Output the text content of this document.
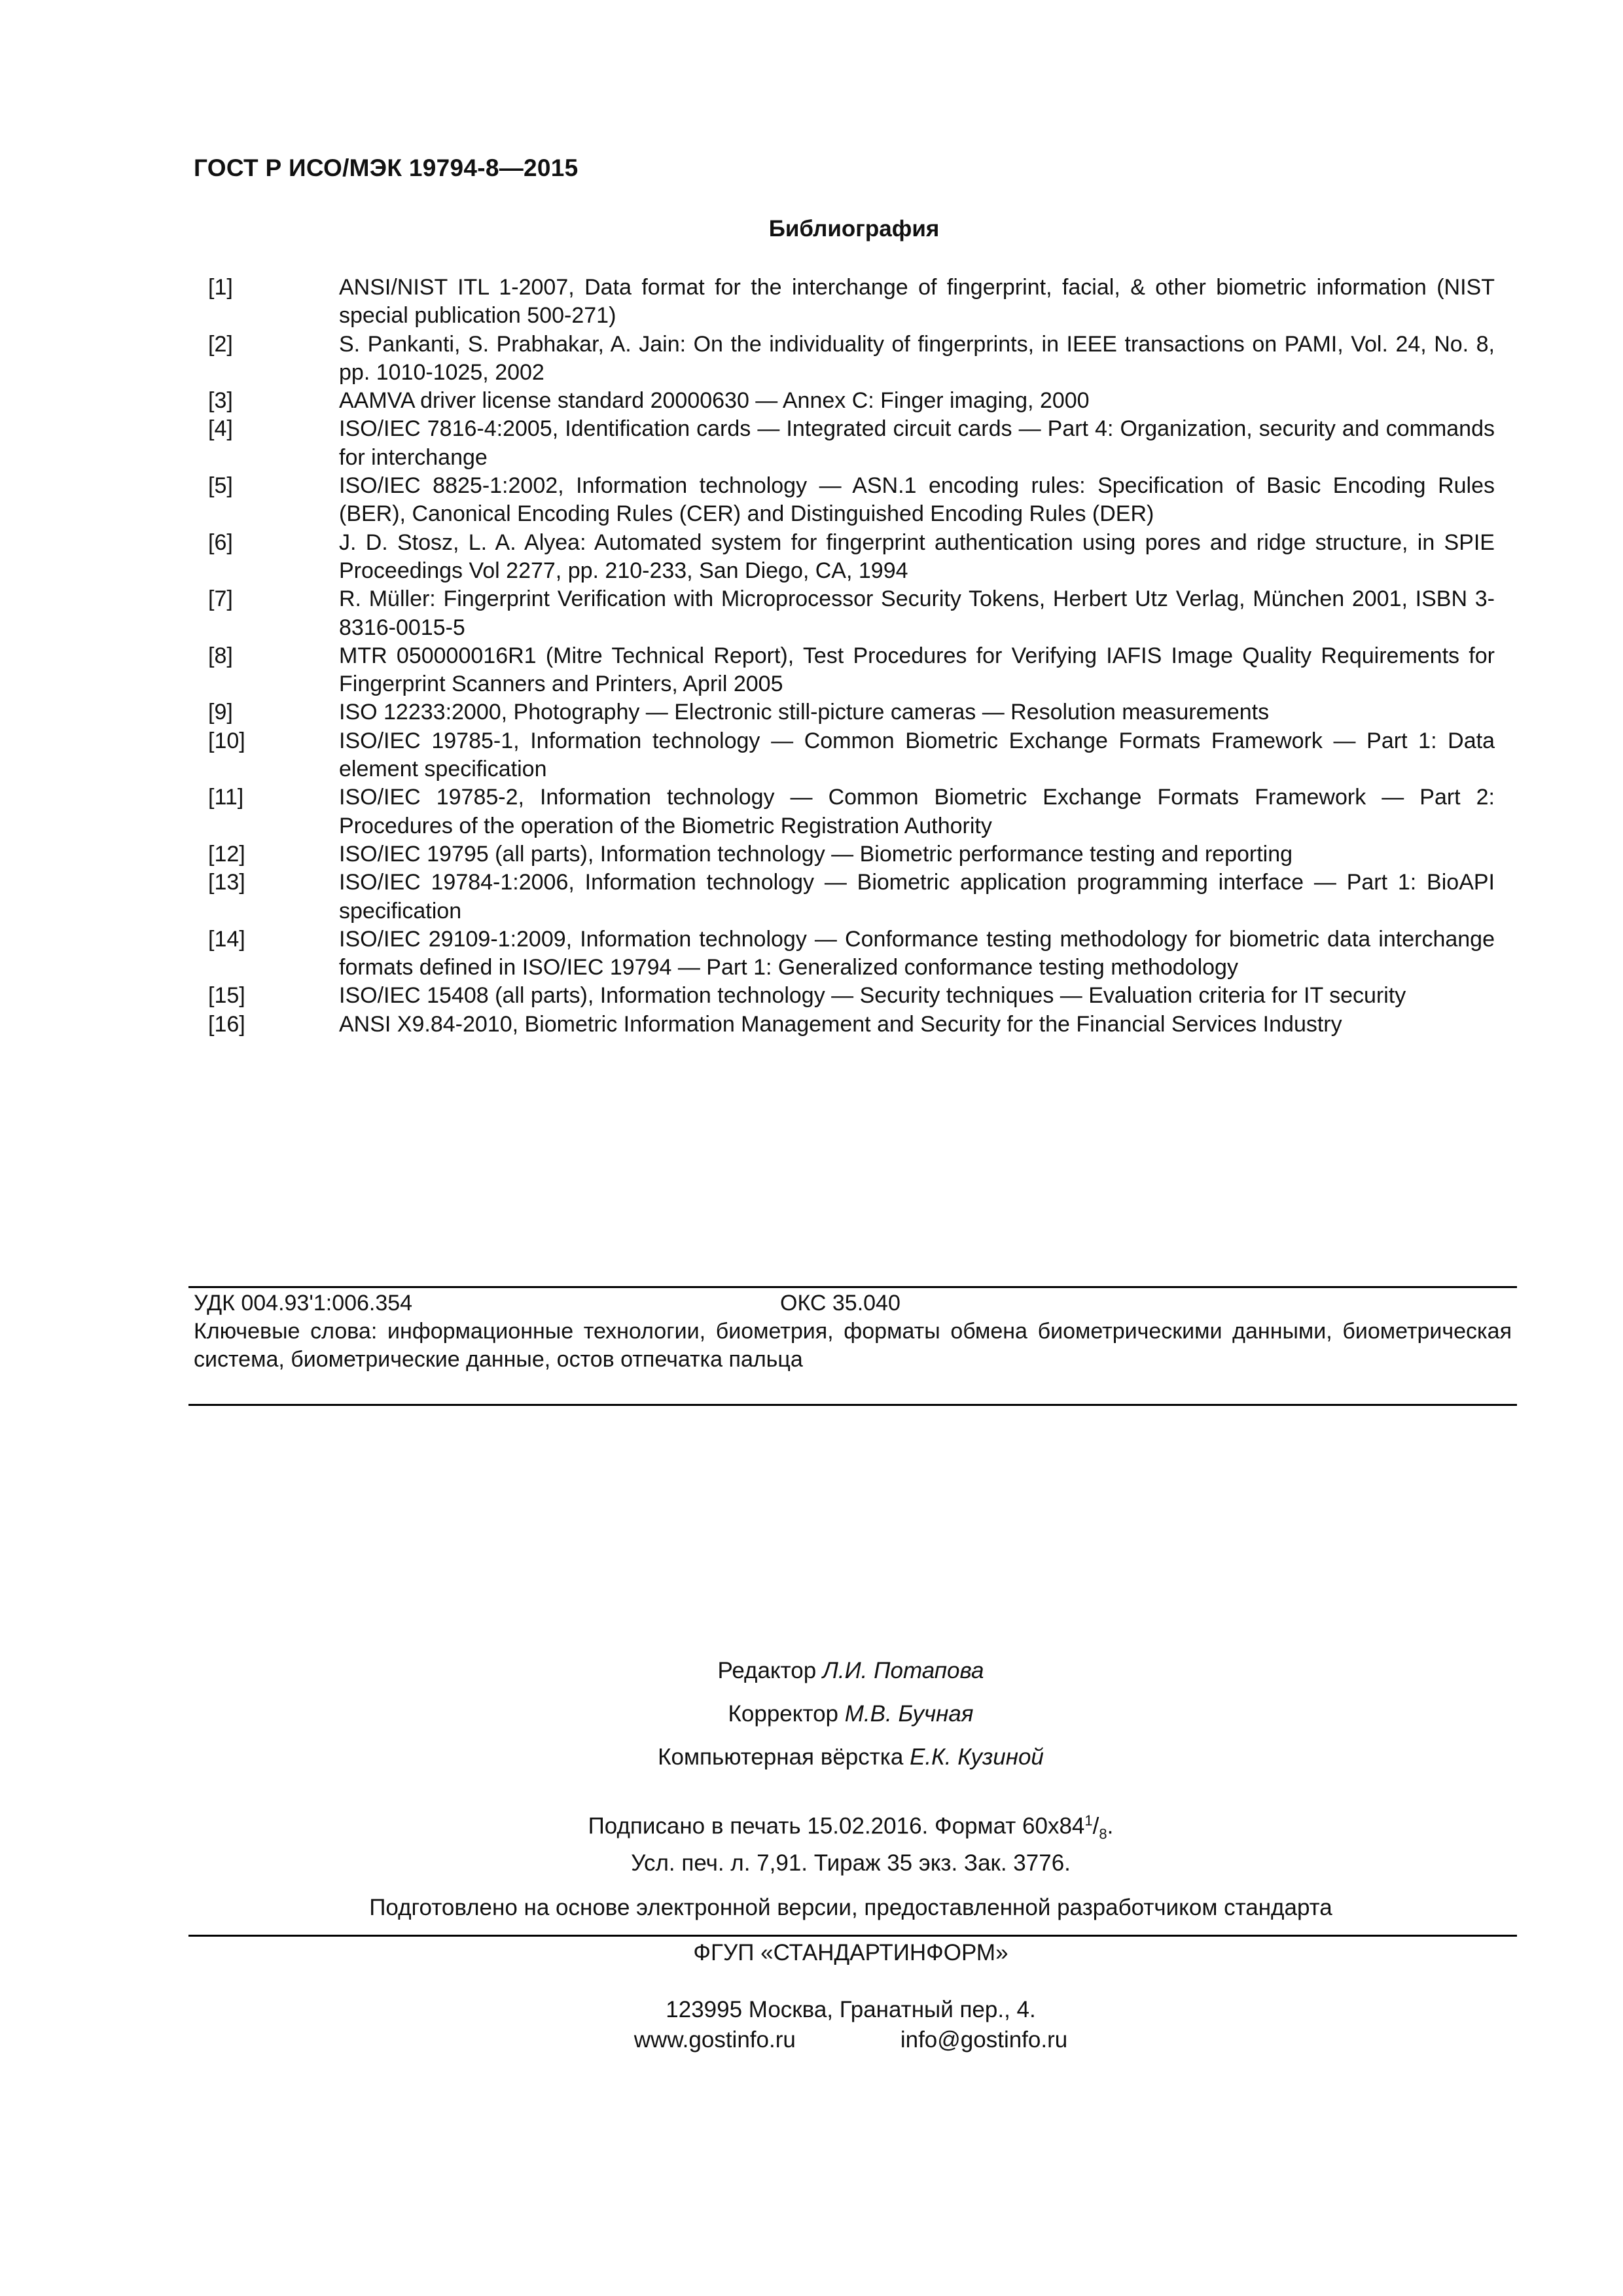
ГОСТ Р ИСО/МЭК 19794-8—2015
Библиография
[1]	ANSI/NIST ITL 1-2007, Data format for the interchange of fingerprint, facial, & other biometric information (NIST special publication 500-271)
[2]	S. Pankanti, S. Prabhakar, A. Jain: On the individuality of fingerprints, in IEEE transactions on PAMI, Vol. 24, No. 8, pp. 1010-1025, 2002
[3]	AAMVA driver license standard 20000630 — Annex C: Finger imaging, 2000
[4]	ISO/IEC 7816-4:2005, Identification cards — Integrated circuit cards — Part 4: Organization, security and commands for interchange
[5]	ISO/IEC 8825-1:2002, Information technology — ASN.1 encoding rules: Specification of Basic Encoding Rules (BER), Canonical Encoding Rules (CER) and Distinguished Encoding Rules (DER)
[6]	J. D. Stosz, L. A. Alyea: Automated system for fingerprint authentication using pores and ridge structure, in SPIE Proceedings Vol 2277, pp. 210-233, San Diego, CA, 1994
[7]	R. Müller: Fingerprint Verification with Microprocessor Security Tokens, Herbert Utz Verlag, München 2001, ISBN 3-8316-0015-5
[8]	MTR 050000016R1 (Mitre Technical Report), Test Procedures for Verifying IAFIS Image Quality Requirements for Fingerprint Scanners and Printers, April 2005
[9]	ISO 12233:2000, Photography — Electronic still-picture cameras — Resolution measurements
[10]	ISO/IEC 19785-1, Information technology — Common Biometric Exchange Formats Framework — Part 1: Data element specification
[11]	ISO/IEC 19785-2, Information technology — Common Biometric Exchange Formats Framework — Part 2: Procedures of the operation of the Biometric Registration Authority
[12]	ISO/IEC 19795 (all parts), Information technology — Biometric performance testing and reporting
[13]	ISO/IEC 19784-1:2006, Information technology — Biometric application programming interface — Part 1: BioAPI specification
[14]	ISO/IEC 29109-1:2009, Information technology — Conformance testing methodology for biometric data interchange formats defined in ISO/IEC 19794 — Part 1: Generalized conformance testing methodology
[15]	ISO/IEC 15408 (all parts), Information technology — Security techniques — Evaluation criteria for IT security
[16]	ANSI X9.84-2010, Biometric Information Management and Security for the Financial Services Industry
УДК 004.93'1:006.354	ОКС 35.040
Ключевые слова: информационные технологии, биометрия, форматы обмена биометрическими данными, биометрическая система, биометрические данные, остов отпечатка пальца
Редактор Л.И. Потапова
Корректор М.В. Бучная
Компьютерная вёрстка Е.К. Кузиной
Подписано в печать 15.02.2016. Формат $60x84^1/_8$.
Усл. печ. л. 7,91. Тираж 35 экз. Зак. 3776.
Подготовлено на основе электронной версии, предоставленной разработчиком стандарта
ФГУП «СТАНДАРТИНФОРМ»
123995 Москва, Гранатный пер., 4.
www.gostinfo.ru	info@gostinfo.ru
